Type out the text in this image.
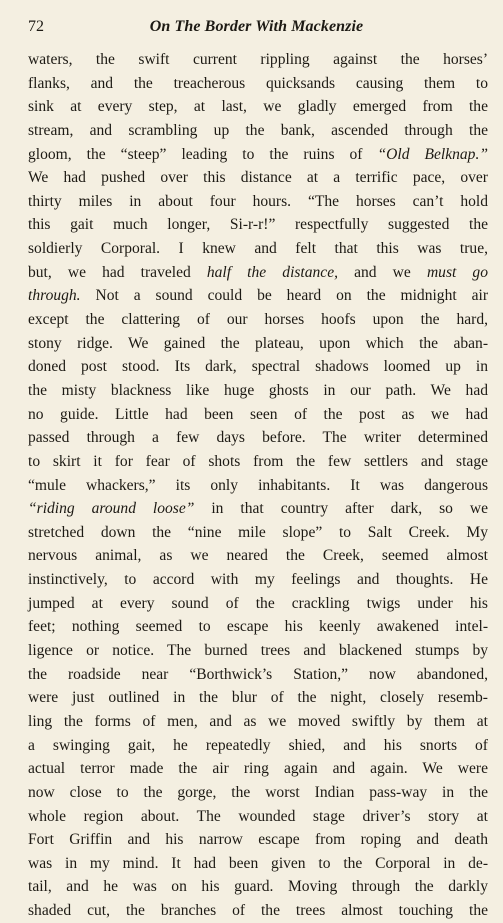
72	On The Border With Mackenzie
waters, the swift current rippling against the horses’
flanks, and the treacherous quicksands causing them to
sink at every step, at last, we gladly emerged from the
stream, and scrambling up the bank, ascended through the
gloom, the “steep” leading to the ruins of “Old Belknap.”
We had pushed over this distance at a terrific pace, over
thirty miles in about four hours. “The horses can’t hold
this gait much longer, Si-r-r!” respectfully suggested the
soldierly Corporal. I knew and felt that this was true,
but, we had traveled half the distance, and we must go
through. Not a sound could be heard on the midnight air
except the clattering of our horses hoofs upon the hard,
stony ridge. We gained the plateau, upon which the aban-
doned post stood. Its dark, spectral shadows loomed up in
the misty blackness like huge ghosts in our path. We had
no guide. Little had been seen of the post as we had
passed through a few days before. The writer determined
to skirt it for fear of shots from the few settlers and stage
“mule whackers,” its only inhabitants. It was dangerous
“riding around loose” in that country after dark, so we
stretched down the “nine mile slope” to Salt Creek. My
nervous animal, as we neared the Creek, seemed almost
instinctively, to accord with my feelings and thoughts. He
jumped at every sound of the crackling twigs under his
feet; nothing seemed to escape his keenly awakened intel-
ligence or notice. The burned trees and blackened stumps by
the roadside near “Borthwick’s Station,” now abandoned,
were just outlined in the blur of the night, closely resemb-
ling the forms of men, and as we moved swiftly by them at
a swinging gait, he repeatedly shied, and his snorts of
actual terror made the air ring again and again. We were
now close to the gorge, the worst Indian pass-way in the
whole region about. The wounded stage driver’s story at
Fort Griffin and his narrow escape from roping and death
was in my mind. It had been given to the Corporal in de-
tail, and he was on his guard. Moving through the darkly
shaded cut, the branches of the trees almost touching the
